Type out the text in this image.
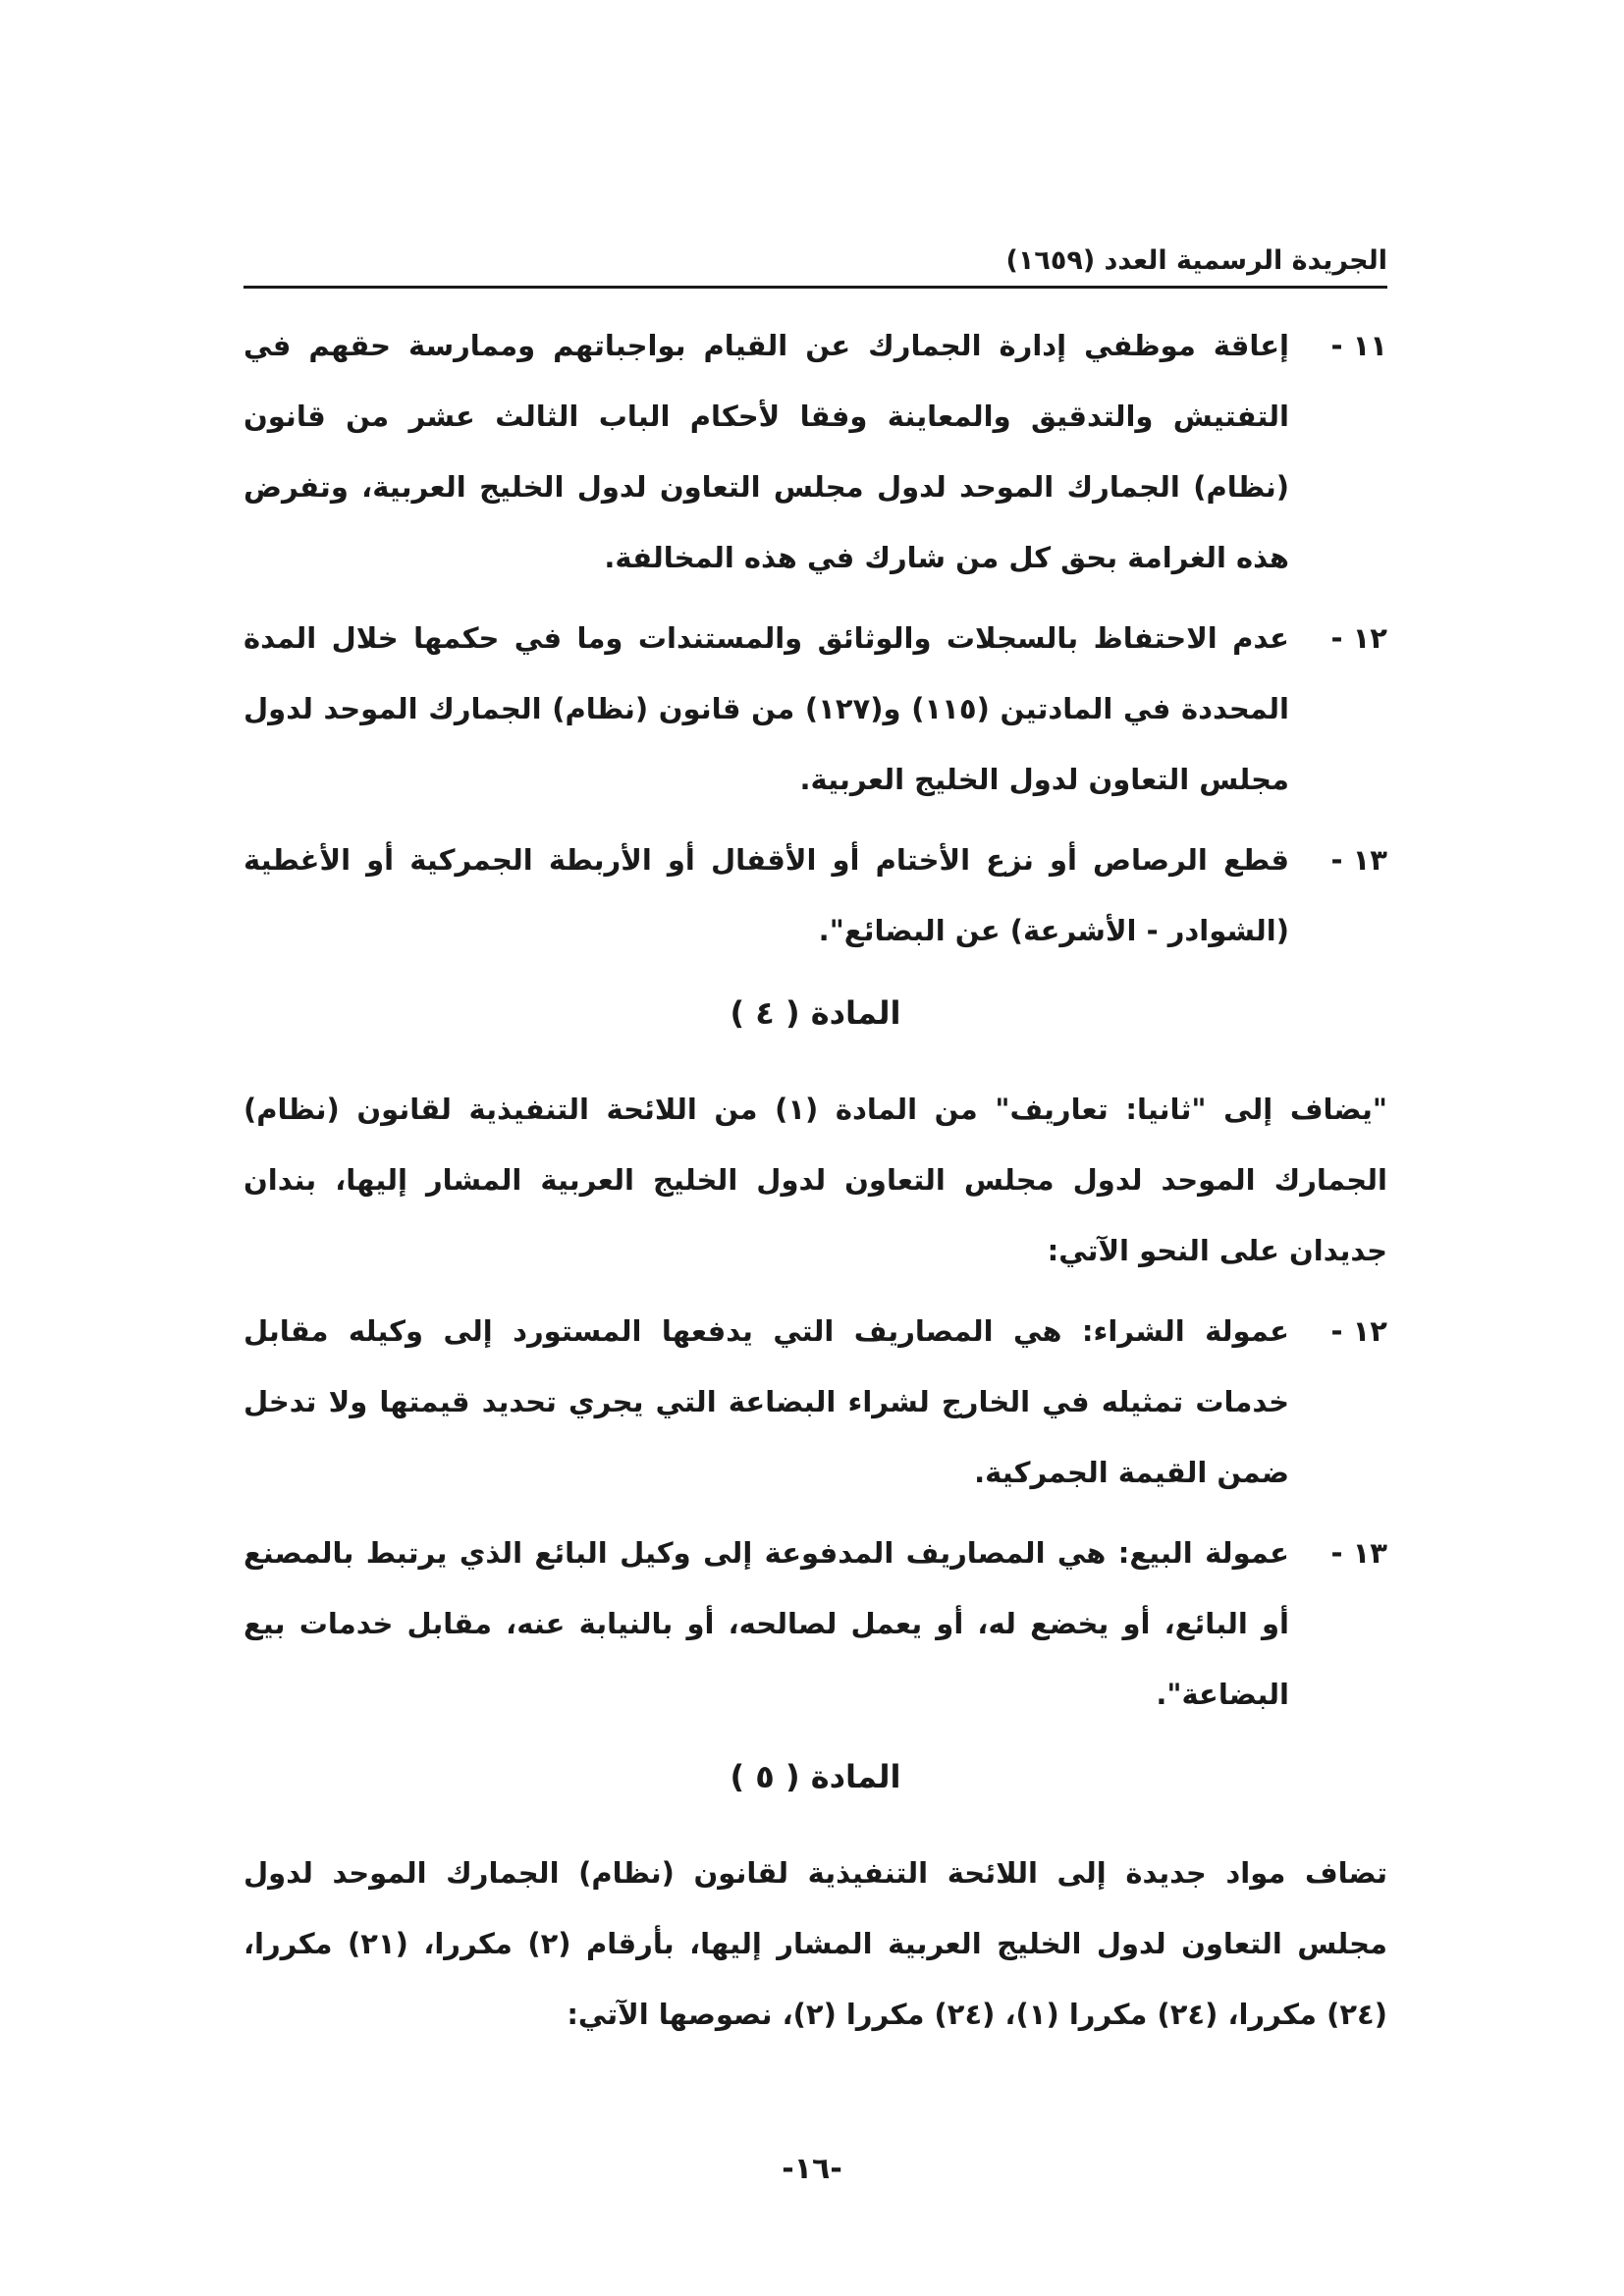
الجريدة الرسمية العدد (١٦٥٩)
١١ -
إعاقة موظفي إدارة الجمارك عن القيام بواجباتهم وممارسة حقهم في التفتيش والتدقيق والمعاينة وفقا لأحكام الباب الثالث عشر من قانون (نظام) الجمارك الموحد لدول مجلس التعاون لدول الخليج العربية، وتفرض هذه الغرامة بحق كل من شارك في هذه المخالفة.
١٢ -
عدم الاحتفاظ بالسجلات والوثائق والمستندات وما في حكمها خلال المدة المحددة في المادتين (١١٥) و(١٢٧) من قانون (نظام) الجمارك الموحد لدول مجلس التعاون لدول الخليج العربية.
١٣ -
قطع الرصاص أو نزع الأختام أو الأقفال أو الأربطة الجمركية أو الأغطية (الشوادر - الأشرعة) عن البضائع".
المادة ( ٤ )
"يضاف إلى "ثانيا: تعاريف" من المادة (١) من اللائحة التنفيذية لقانون (نظام) الجمارك الموحد لدول مجلس التعاون لدول الخليج العربية المشار إليها، بندان جديدان على النحو الآتي:
١٢ -
عمولة الشراء: هي المصاريف التي يدفعها المستورد إلى وكيله مقابل خدمات تمثيله في الخارج لشراء البضاعة التي يجري تحديد قيمتها ولا تدخل ضمن القيمة الجمركية.
١٣ -
عمولة البيع: هي المصاريف المدفوعة إلى وكيل البائع الذي يرتبط بالمصنع أو البائع، أو يخضع له، أو يعمل لصالحه، أو بالنيابة عنه، مقابل خدمات بيع البضاعة".
المادة ( ٥ )
تضاف مواد جديدة إلى اللائحة التنفيذية لقانون (نظام) الجمارك الموحد لدول مجلس التعاون لدول الخليج العربية المشار إليها، بأرقام (٢) مكررا، (٢١) مكررا، (٢٤) مكررا، (٢٤) مكررا (١)، (٢٤) مكررا (٢)، نصوصها الآتي:
-١٦-
